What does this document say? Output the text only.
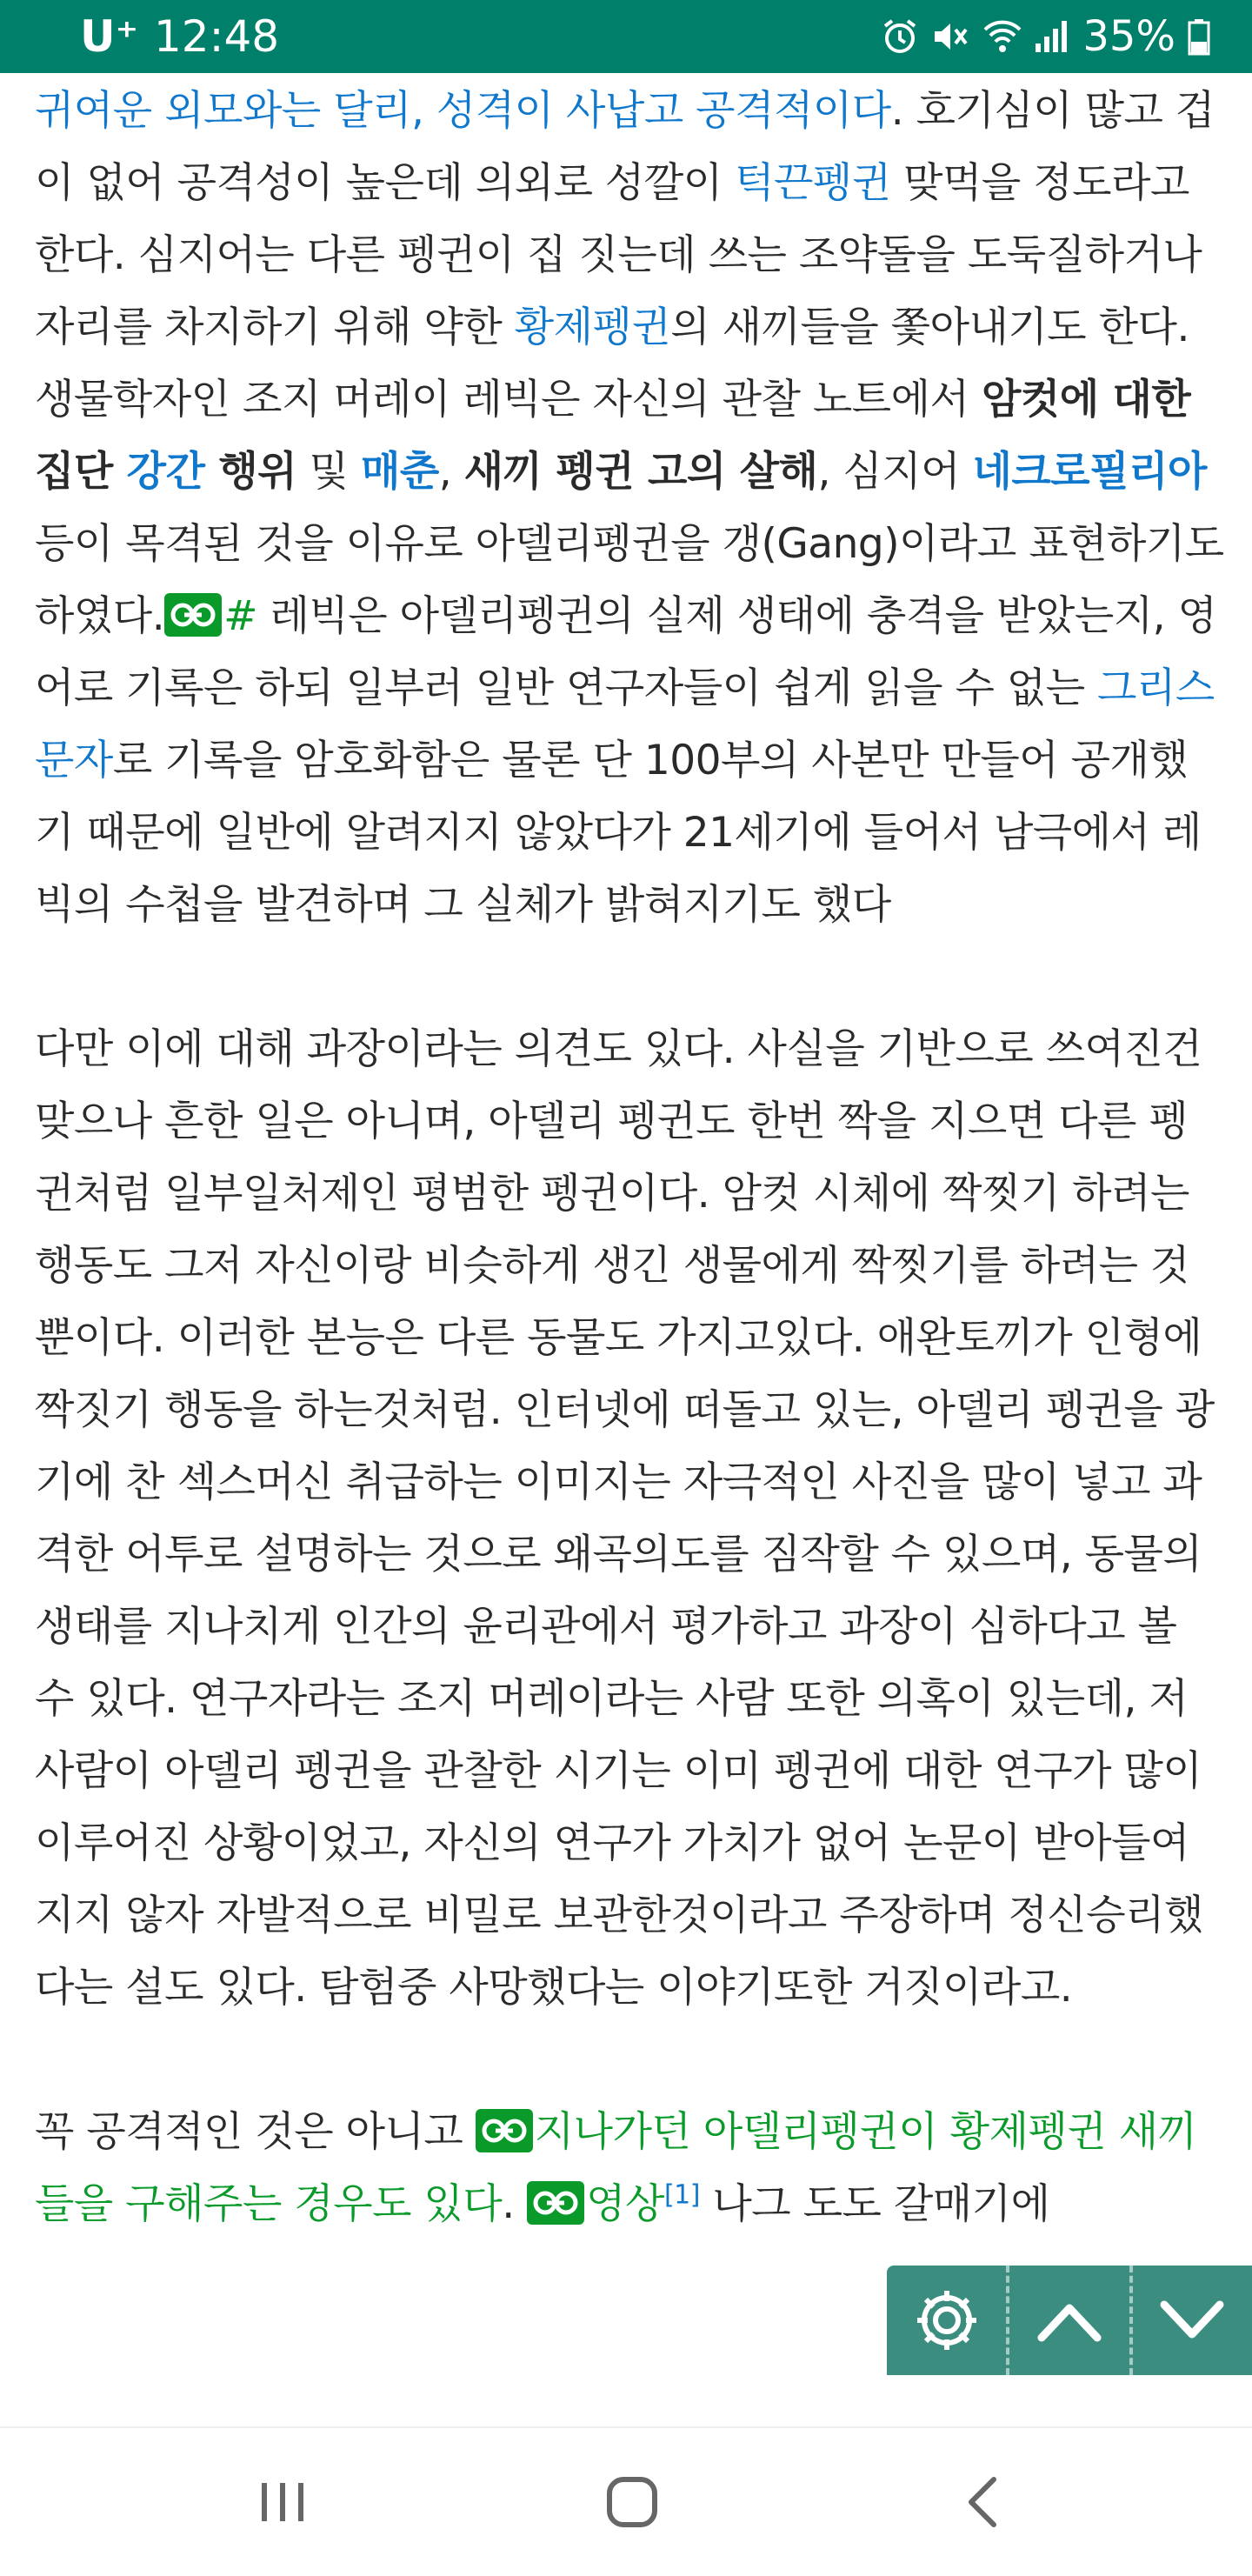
U⁺ 12:48	35%

귀여운 외모와는 달리, 성격이 사납고 공격적이다. 호기심이 많고 겁이 없어 공격성이 높은데 의외로 성깔이 턱끈펭귄 맞먹을 정도라고 한다. 심지어는 다른 펭귄이 집 짓는데 쓰는 조약돌을 도둑질하거나 자리를 차지하기 위해 약한 황제펭귄의 새끼들을 쫓아내기도 한다. 생물학자인 조지 머레이 레빅은 자신의 관찰 노트에서 암컷에 대한 집단 강간 행위 및 매춘, 새끼 펭귄 고의 살해, 심지어 네크로필리아 등이 목격된 것을 이유로 아델리펭귄을 갱(Gang)이라고 표현하기도 하였다. # 레빅은 아델리펭귄의 실제 생태에 충격을 받았는지, 영어로 기록은 하되 일부러 일반 연구자들이 쉽게 읽을 수 없는 그리스 문자로 기록을 암호화함은 물론 단 100부의 사본만 만들어 공개했기 때문에 일반에 알려지지 않았다가 21세기에 들어서 남극에서 레빅의 수첩을 발견하며 그 실체가 밝혀지기도 했다

다만 이에 대해 과장이라는 의견도 있다. 사실을 기반으로 쓰여진건 맞으나 흔한 일은 아니며, 아델리 펭귄도 한번 짝을 지으면 다른 펭귄처럼 일부일처제인 평범한 펭귄이다. 암컷 시체에 짝찟기 하려는 행동도 그저 자신이랑 비슷하게 생긴 생물에게 짝찟기를 하려는 것 뿐이다. 이러한 본능은 다른 동물도 가지고있다. 애완토끼가 인형에 짝짓기 행동을 하는것처럼. 인터넷에 떠돌고 있는, 아델리 펭귄을 광기에 찬 섹스머신 취급하는 이미지는 자극적인 사진을 많이 넣고 과격한 어투로 설명하는 것으로 왜곡의도를 짐작할 수 있으며, 동물의 생태를 지나치게 인간의 윤리관에서 평가하고 과장이 심하다고 볼 수 있다. 연구자라는 조지 머레이라는 사람 또한 의혹이 있는데, 저 사람이 아델리 펭귄을 관찰한 시기는 이미 펭귄에 대한 연구가 많이 이루어진 상황이었고, 자신의 연구가 가치가 없어 논문이 받아들여지지 않자 자발적으로 비밀로 보관한것이라고 주장하며 정신승리했다는 설도 있다. 탐험중 사망했다는 이야기또한 거짓이라고.

꼭 공격적인 것은 아니고
지나가던 아델리펭귄이 황제펭귄 새끼들을 구해주는 경우도 있다.
영상[1] 나그 도도 갈매기에
